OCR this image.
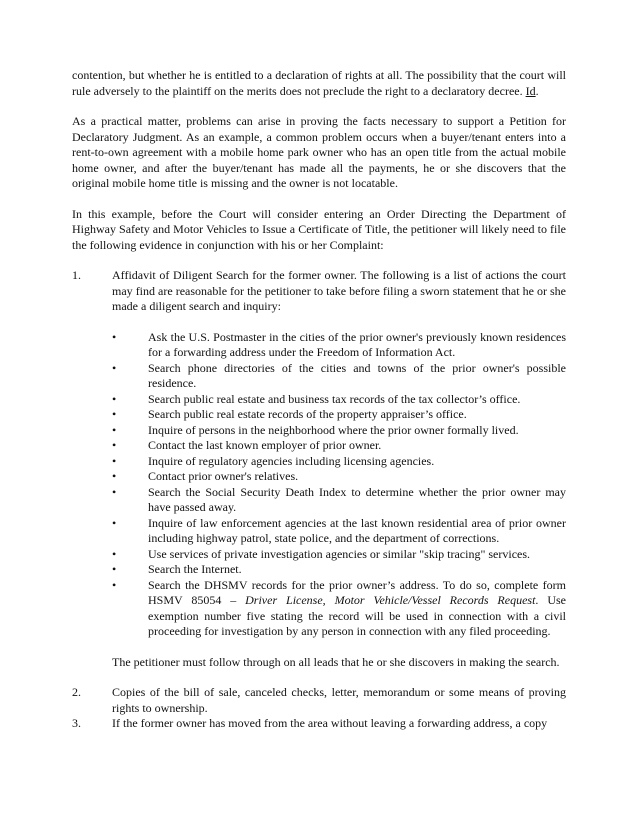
contention, but whether he is entitled to a declaration of rights at all. The possibility that the court will rule adversely to the plaintiff on the merits does not preclude the right to a declaratory decree. Id.

As a practical matter, problems can arise in proving the facts necessary to support a Petition for Declaratory Judgment. As an example, a common problem occurs when a buyer/tenant enters into a rent-to-own agreement with a mobile home park owner who has an open title from the actual mobile home owner, and after the buyer/tenant has made all the payments, he or she discovers that the original mobile home title is missing and the owner is not locatable.

In this example, before the Court will consider entering an Order Directing the Department of Highway Safety and Motor Vehicles to Issue a Certificate of Title, the petitioner will likely need to file the following evidence in conjunction with his or her Complaint:

1.	Affidavit of Diligent Search for the former owner. The following is a list of actions the court may find are reasonable for the petitioner to take before filing a sworn statement that he or she made a diligent search and inquiry:

•	Ask the U.S. Postmaster in the cities of the prior owner's previously known residences for a forwarding address under the Freedom of Information Act.
•	Search phone directories of the cities and towns of the prior owner's possible residence.
•	Search public real estate and business tax records of the tax collector’s office.
•	Search public real estate records of the property appraiser’s office.
•	Inquire of persons in the neighborhood where the prior owner formally lived.
•	Contact the last known employer of prior owner.
•	Inquire of regulatory agencies including licensing agencies.
•	Contact prior owner's relatives.
•	Search the Social Security Death Index to determine whether the prior owner may have passed away.
•	Inquire of law enforcement agencies at the last known residential area of prior owner including highway patrol, state police, and the department of corrections.
•	Use services of private investigation agencies or similar "skip tracing" services.
•	Search the Internet.
•	Search the DHSMV records for the prior owner’s address. To do so, complete form HSMV 85054 – Driver License, Motor Vehicle/Vessel Records Request. Use exemption number five stating the record will be used in connection with a civil proceeding for investigation by any person in connection with any filed proceeding.

The petitioner must follow through on all leads that he or she discovers in making the search.

2.	Copies of the bill of sale, canceled checks, letter, memorandum or some means of proving rights to ownership.
3.	If the former owner has moved from the area without leaving a forwarding address, a copy
